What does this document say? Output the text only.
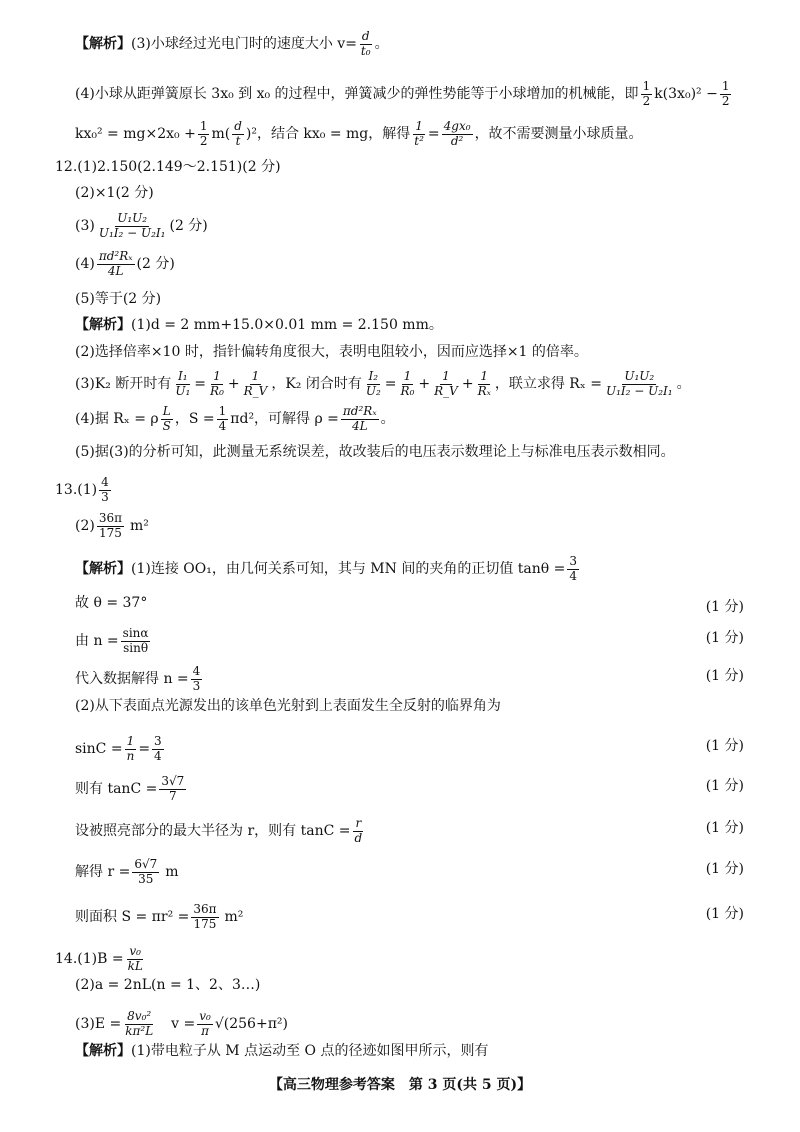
【解析】 (3)小球经过光电门时的速度大小 $v= \frac{d}{\text{t₀}}$ 。
(4)小球从距弹簧原长 3x₀ 到 x₀ 的过程中，弹簧减少的弹性势能等于小球增加的机械能，即 $\frac{1}{2} k(3x_0)^2 - \frac{1}{2}$
$kx_0^2 = mg\times 2x_0 + \frac{1}{2} m( \frac{d}{t} )^2$，结合 kx₀ = mg，解得 $\frac{1}{\text{t²}} = \frac{\text{4gx₀}}{\text{d²}}$ ，故不需要测量小球质量。
12.(1)2.150(2.149～2.151)(2 分)
(2)×1(2 分)
$(3) \frac{\text{U₁U₂}}{\text{U₁I₂ − U₂I₁}} (2$ 分)
$(4) \frac{\text{πd²Rₓ}}{4L} (2$ 分)
(5)等于(2 分)
【解析】 (1)d = 2 mm+15.0×0.01 mm = 2.150 mm。
(2)选择倍率×10 时，指针偏转角度很大，表明电阻较小，因而应选择×1 的倍率。
(3)K₂ 断开时有 $\frac{\text{I₁}}{\text{U₁}} = \frac{1}{\text{R₀}} + \frac{1}{R\_V}$ ，K₂ 闭合时有 $\frac{\text{I₂}}{\text{U₂}} = \frac{1}{\text{R₀}} + \frac{1}{R\_V} + \frac{1}{\text{Rₓ}}$ ，联立求得 $R_x = \frac{\text{U₁U₂}}{\text{U₁I₂ − U₂I₁}}$ 。
(4)据 Rₓ = ρ $\frac{L}{S}$ ，$S = \frac{1}{4} \pi d^2$，可解得 $\rho = \frac{\text{πd²Rₓ}}{4L}$ 。
(5)据(3)的分析可知，此测量无系统误差，故改装后的电压表示数理论上与标准电压表示数相同。
$13.(1) \frac{4}{3}$
$(2) \frac{36\pi}{175} m^2$
【解析】 (1)连接 OO₁，由几何关系可知，其与 MN 间的夹角的正切值 $\tan\theta = \frac{3}{4}$
故 θ = 37°	(1 分)
由 $n = \frac{\sin\alpha}{\sin\theta}$	(1 分)
代入数据解得 $n = \frac{4}{3}$	(1 分)
(2)从下表面点光源发出的该单色光射到上表面发生全反射的临界角为
$\sin C = \frac{1}{n} = \frac{3}{4}$	(1 分)
则有 $\tan C = \frac{3√7}{7}$	(1 分)
设被照亮部分的最大半径为 r，则有 $\tan C = \frac{r}{d}$	(1 分)
解得 $r = \frac{6√7}{35}$ m	(1 分)
则面积 $S = \pi r^2 = \frac{36\pi}{175} m^2$	(1 分)
$14.(1)B = \frac{\text{v₀}}{kL}$
(2)a = 2nL(n = 1、2、3…)
$(3)E = \frac{\text{8v₀²}}{\text{kπ²L}}$ $v = \frac{\text{v₀}}{\pi} √(256+\pi^2)$
【解析】 (1)带电粒子从 M 点运动至 O 点的径迹如图甲所示，则有
【高三物理参考答案　第 3 页(共 5 页)】
